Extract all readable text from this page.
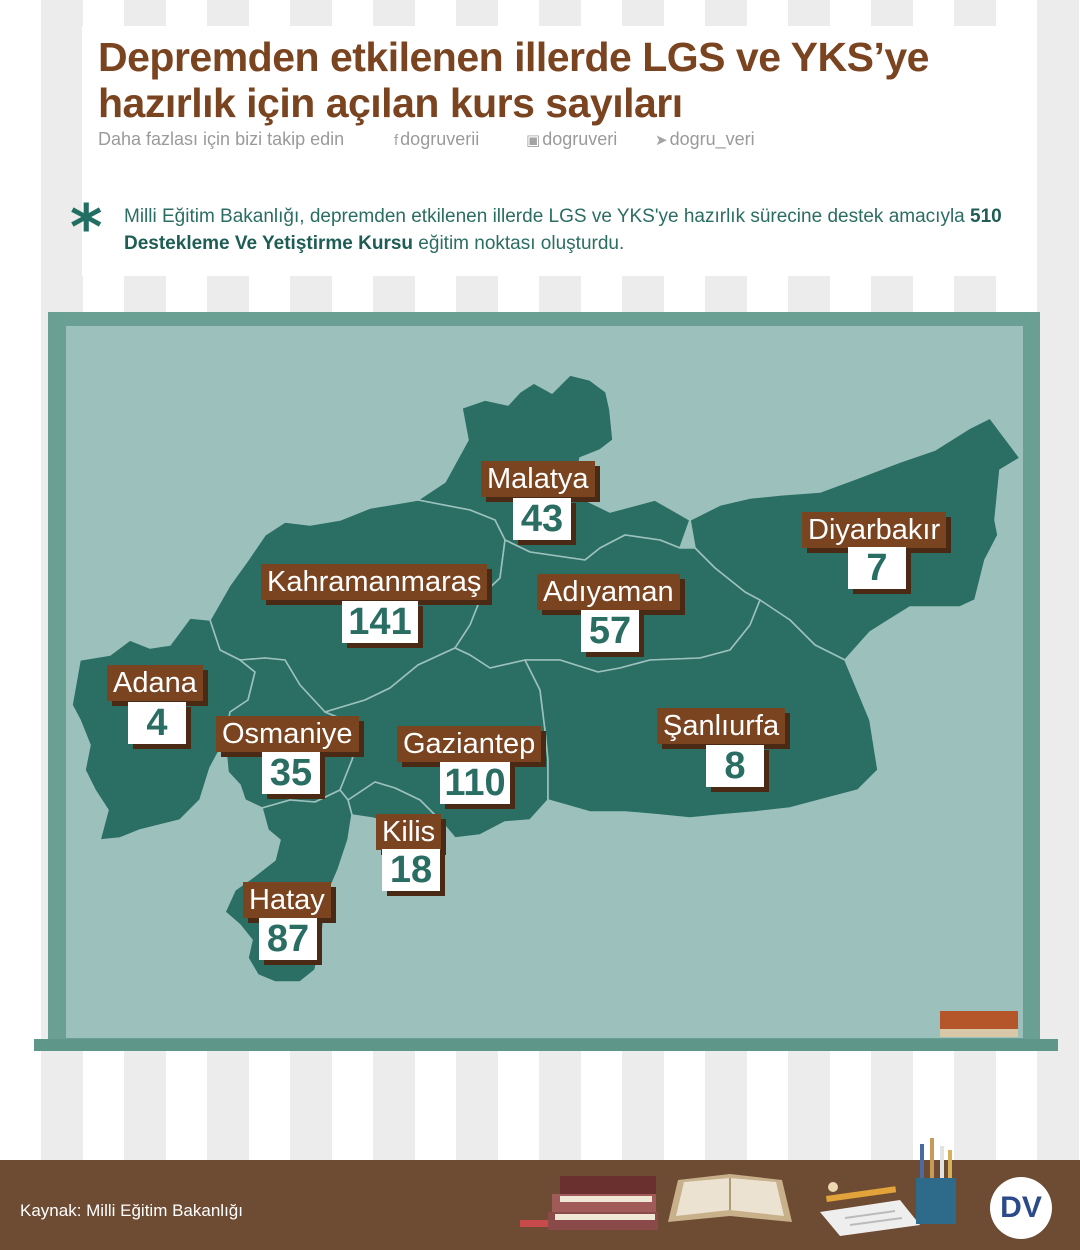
Depremden etkilenen illerde LGS ve YKS’ye hazırlık için açılan kurs sayıları
Daha fazlası için bizi takip edin	f dogruverii	▣ dogruveri	➤ dogru_veri
* Milli Eğitim Bakanlığı, depremden etkilenen illerde LGS ve YKS'ye hazırlık sürecine destek amacıyla 510 Destekleme Ve Yetiştirme Kursu eğitim noktası oluşturdu.
Malatya
43	Diyarbakır
7
Kahramanmaraş
141
Adıyaman
57
Adana
4	Osmaniye
35
Gaziantep
110
Şanlıurfa
8
Kilis
18
Hatay
87
Kaynak: Milli Eğitim Bakanlığı	DV
